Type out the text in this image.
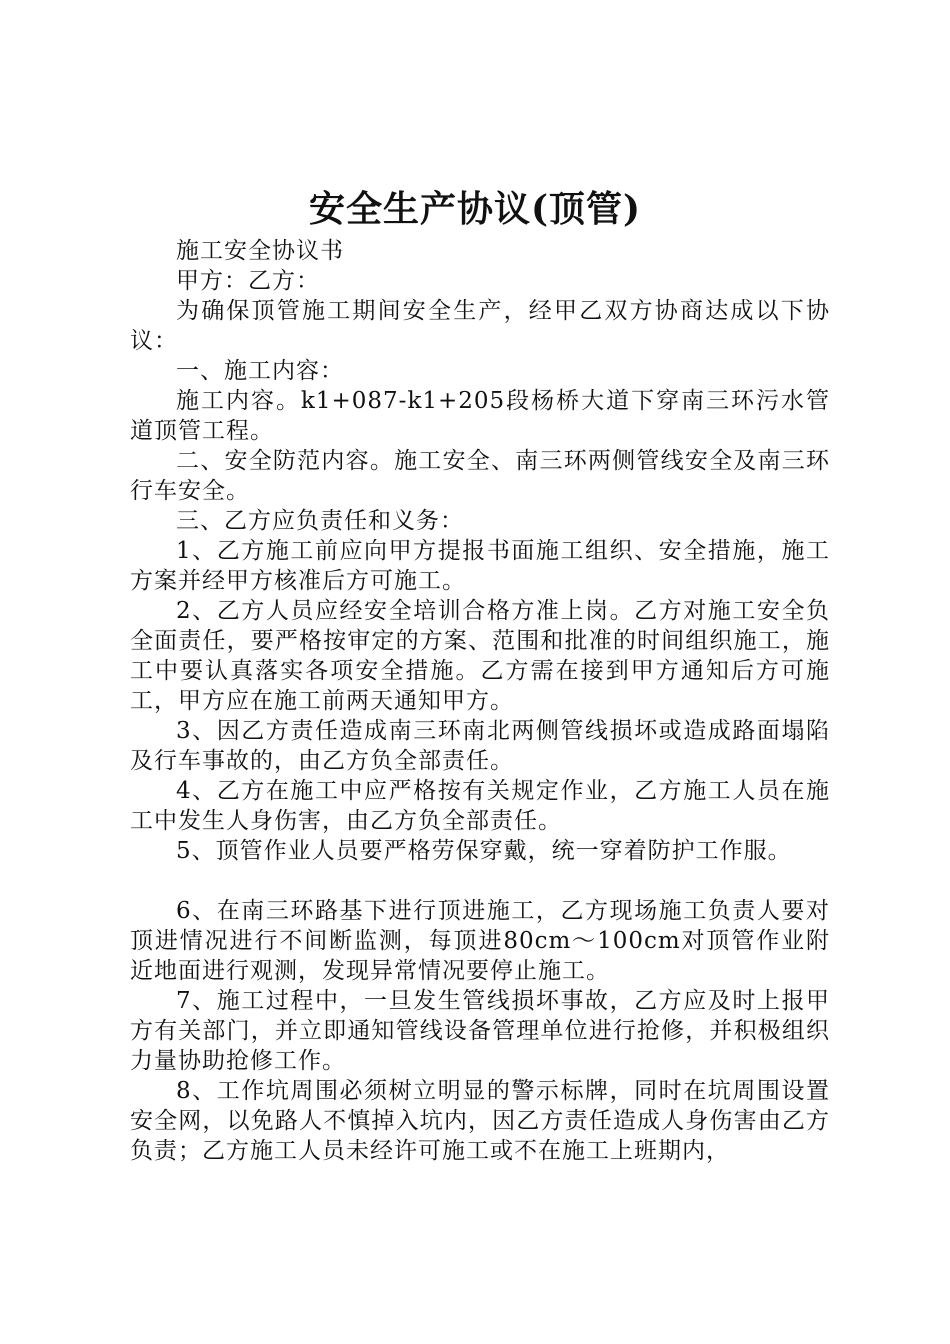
安全生产协议(顶管)

施工安全协议书

甲方：乙方：

为确保顶管施工期间安全生产，经甲乙双方协商达成以下协议：

一、施工内容：

施工内容。k1+087-k1+205段杨桥大道下穿南三环污水管道顶管工程。

二、安全防范内容。施工安全、南三环两侧管线安全及南三环行车安全。

三、乙方应负责任和义务：

1、乙方施工前应向甲方提报书面施工组织、安全措施，施工方案并经甲方核准后方可施工。

2、乙方人员应经安全培训合格方准上岗。乙方对施工安全负全面责任，要严格按审定的方案、范围和批准的时间组织施工，施工中要认真落实各项安全措施。乙方需在接到甲方通知后方可施工，甲方应在施工前两天通知甲方。

3、因乙方责任造成南三环南北两侧管线损坏或造成路面塌陷及行车事故的，由乙方负全部责任。

4、乙方在施工中应严格按有关规定作业，乙方施工人员在施工中发生人身伤害，由乙方负全部责任。

5、顶管作业人员要严格劳保穿戴，统一穿着防护工作服。

6、在南三环路基下进行顶进施工，乙方现场施工负责人要对顶进情况进行不间断监测，每顶进80cm～100cm对顶管作业附近地面进行观测，发现异常情况要停止施工。

7、施工过程中，一旦发生管线损坏事故，乙方应及时上报甲方有关部门，并立即通知管线设备管理单位进行抢修，并积极组织力量协助抢修工作。

8、工作坑周围必须树立明显的警示标牌，同时在坑周围设置安全网，以免路人不慎掉入坑内，因乙方责任造成人身伤害由乙方负责；乙方施工人员未经许可施工或不在施工上班期内，
